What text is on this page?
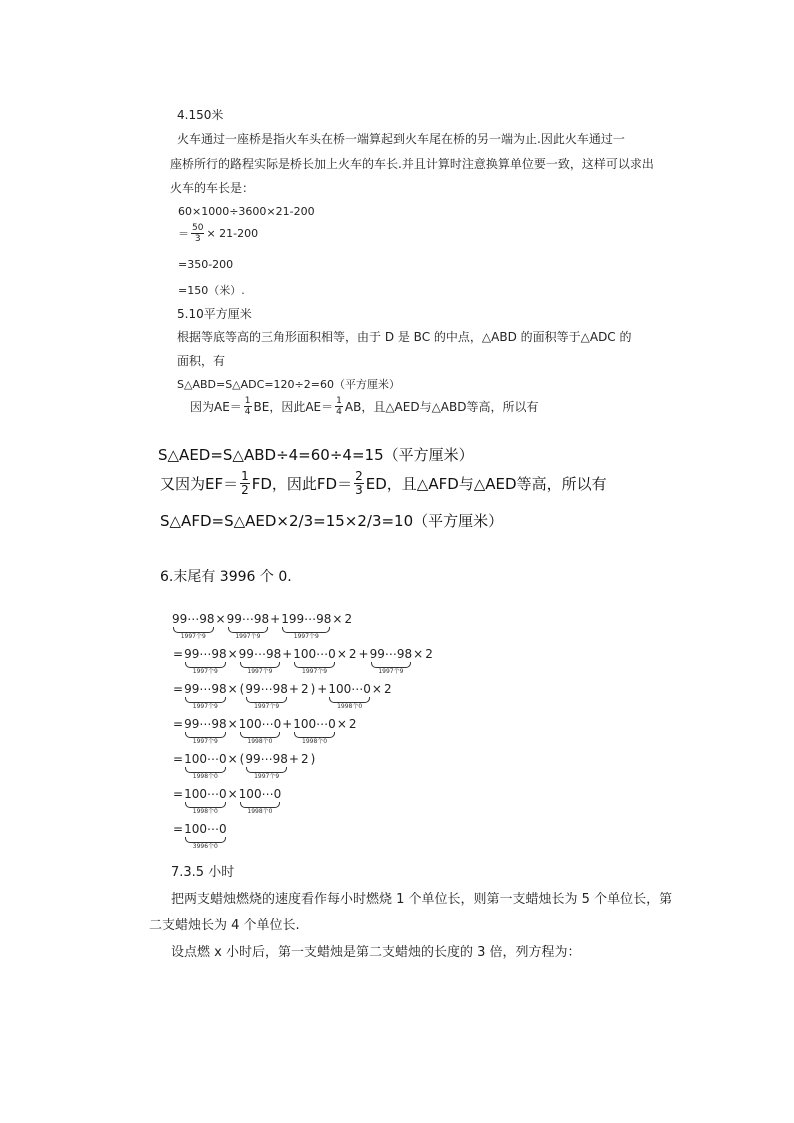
4.150米
火车通过一座桥是指火车头在桥一端算起到火车尾在桥的另一端为止.因此火车通过一
座桥所行的路程实际是桥长加上火车的车长.并且计算时注意换算单位要一致，这样可以求出
火车的车长是：
60×1000÷3600×21-200
＝ $\frac{50}{3} \times 21-200$
=350-200
=150（米）.
5.10平方厘米
根据等底等高的三角形面积相等，由于 D 是 BC 的中点，△ABD 的面积等于△ADC 的
面积，有
S△ABD=S△ADC=120÷2=60（平方厘米）
因为$AE= \frac{1}{4}$ BE，因此$AE= \frac{1}{4}$ AB，且△AED与△ABD等高，所以有
S△AED=S△ABD÷4=60÷4=15（平方厘米）
又因为$EF= \frac{1}{2}$ FD，因此$FD= \frac{2}{3}$ ED，且△AFD与△AED等高，所以有
S△AFD=S△AED×2/3=15×2/3=10（平方厘米）
6.末尾有 3996 个 0.
99⋯98
1997个9
× 99⋯98
1997个9
+ 199⋯98
1997个9
× 2
= 99⋯98
1997个9
× 99⋯98
1997个9
+ 100⋯0
1997个9
× 2 + 99⋯98
1997个9
× 2
= 99⋯98
1997个9
× ( 99⋯98
1997个9
+ 2 ) + 100⋯0
1998个0
× 2
= 99⋯98
1997个9
× 100⋯0
1998个0
+ 100⋯0
1998个0
× 2
= 100⋯0
1998个0
× ( 99⋯98
1997个9
+ 2 )
= 100⋯0
1998个0
× 100⋯0
1998个0
= 100⋯0
3996个0
7.3.5 小时
把两支蜡烛燃烧的速度看作每小时燃烧 1 个单位长，则第一支蜡烛长为 5 个单位长，第
二支蜡烛长为 4 个单位长.
设点燃 x 小时后，第一支蜡烛是第二支蜡烛的长度的 3 倍，列方程为：
